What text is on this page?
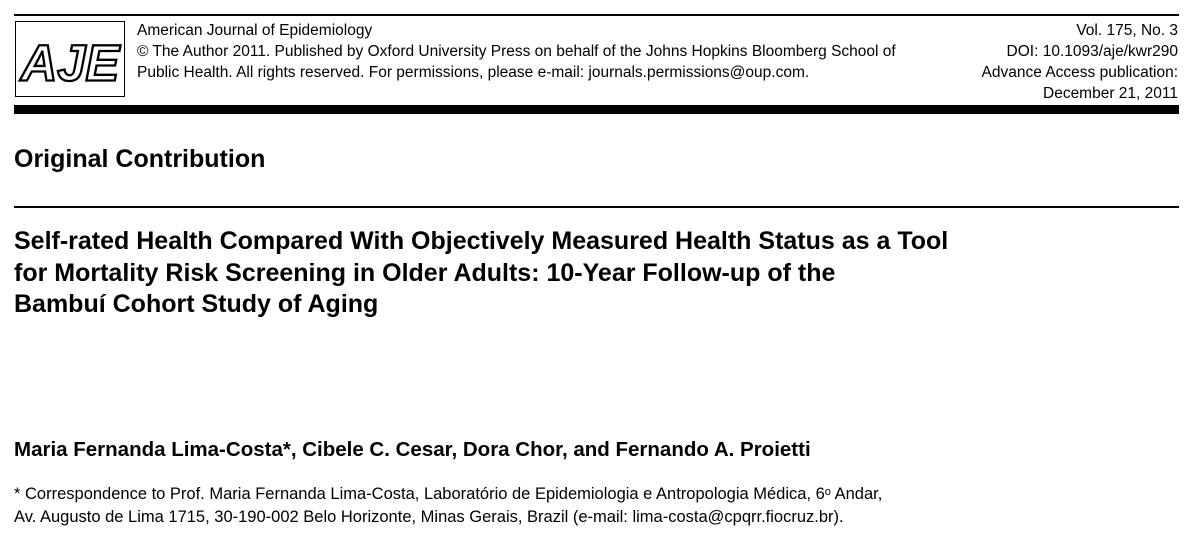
AJE
American Journal of Epidemiology
© The Author 2011. Published by Oxford University Press on behalf of the Johns Hopkins Bloomberg School of
Public Health. All rights reserved. For permissions, please e-mail: journals.permissions@oup.com.
Vol. 175, No. 3
DOI: 10.1093/aje/kwr290
Advance Access publication:
December 21, 2011
Original Contribution
Self-rated Health Compared With Objectively Measured Health Status as a Tool
for Mortality Risk Screening in Older Adults: 10-Year Follow-up of the
Bambuí Cohort Study of Aging
Maria Fernanda Lima-Costa*, Cibele C. Cesar, Dora Chor, and Fernando A. Proietti
* Correspondence to Prof. Maria Fernanda Lima-Costa, Laboratório de Epidemiologia e Antropologia Médica, 6$^o$ Andar,
Av. Augusto de Lima 1715, 30-190-002 Belo Horizonte, Minas Gerais, Brazil (e-mail: lima-costa@cpqrr.fiocruz.br).
